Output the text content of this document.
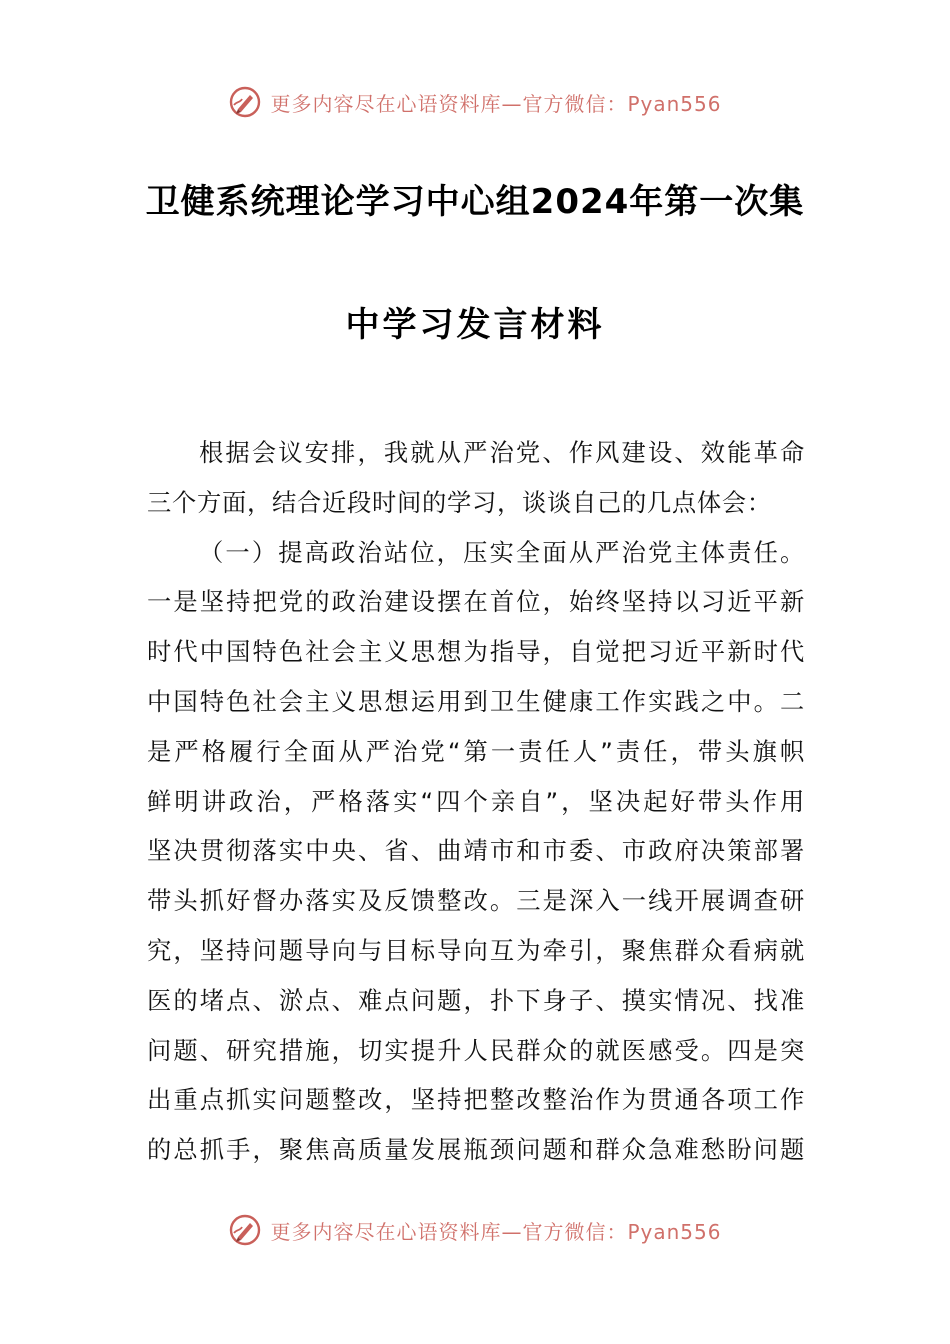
更多内容尽在心语资料库—官方微信：Pyan556
卫健系统理论学习中心组2024年第一次集
中学习发言材料
根据会议安排，我就从严治党、作风建设、效能革命
三个方面，结合近段时间的学习，谈谈自己的几点体会：
（一）提高政治站位，压实全面从严治党主体责任。
一是坚持把党的政治建设摆在首位，始终坚持以习近平新
时代中国特色社会主义思想为指导，自觉把习近平新时代
中国特色社会主义思想运用到卫生健康工作实践之中。二
是严格履行全面从严治党“第一责任人”责任，带头旗帜
鲜明讲政治，严格落实“四个亲自”，坚决起好带头作用
坚决贯彻落实中央、省、曲靖市和市委、市政府决策部署
带头抓好督办落实及反馈整改。三是深入一线开展调查研
究，坚持问题导向与目标导向互为牵引，聚焦群众看病就
医的堵点、淤点、难点问题，扑下身子、摸实情况、找准
问题、研究措施，切实提升人民群众的就医感受。四是突
出重点抓实问题整改，坚持把整改整治作为贯通各项工作
的总抓手，聚焦高质量发展瓶颈问题和群众急难愁盼问题
更多内容尽在心语资料库—官方微信：Pyan556
